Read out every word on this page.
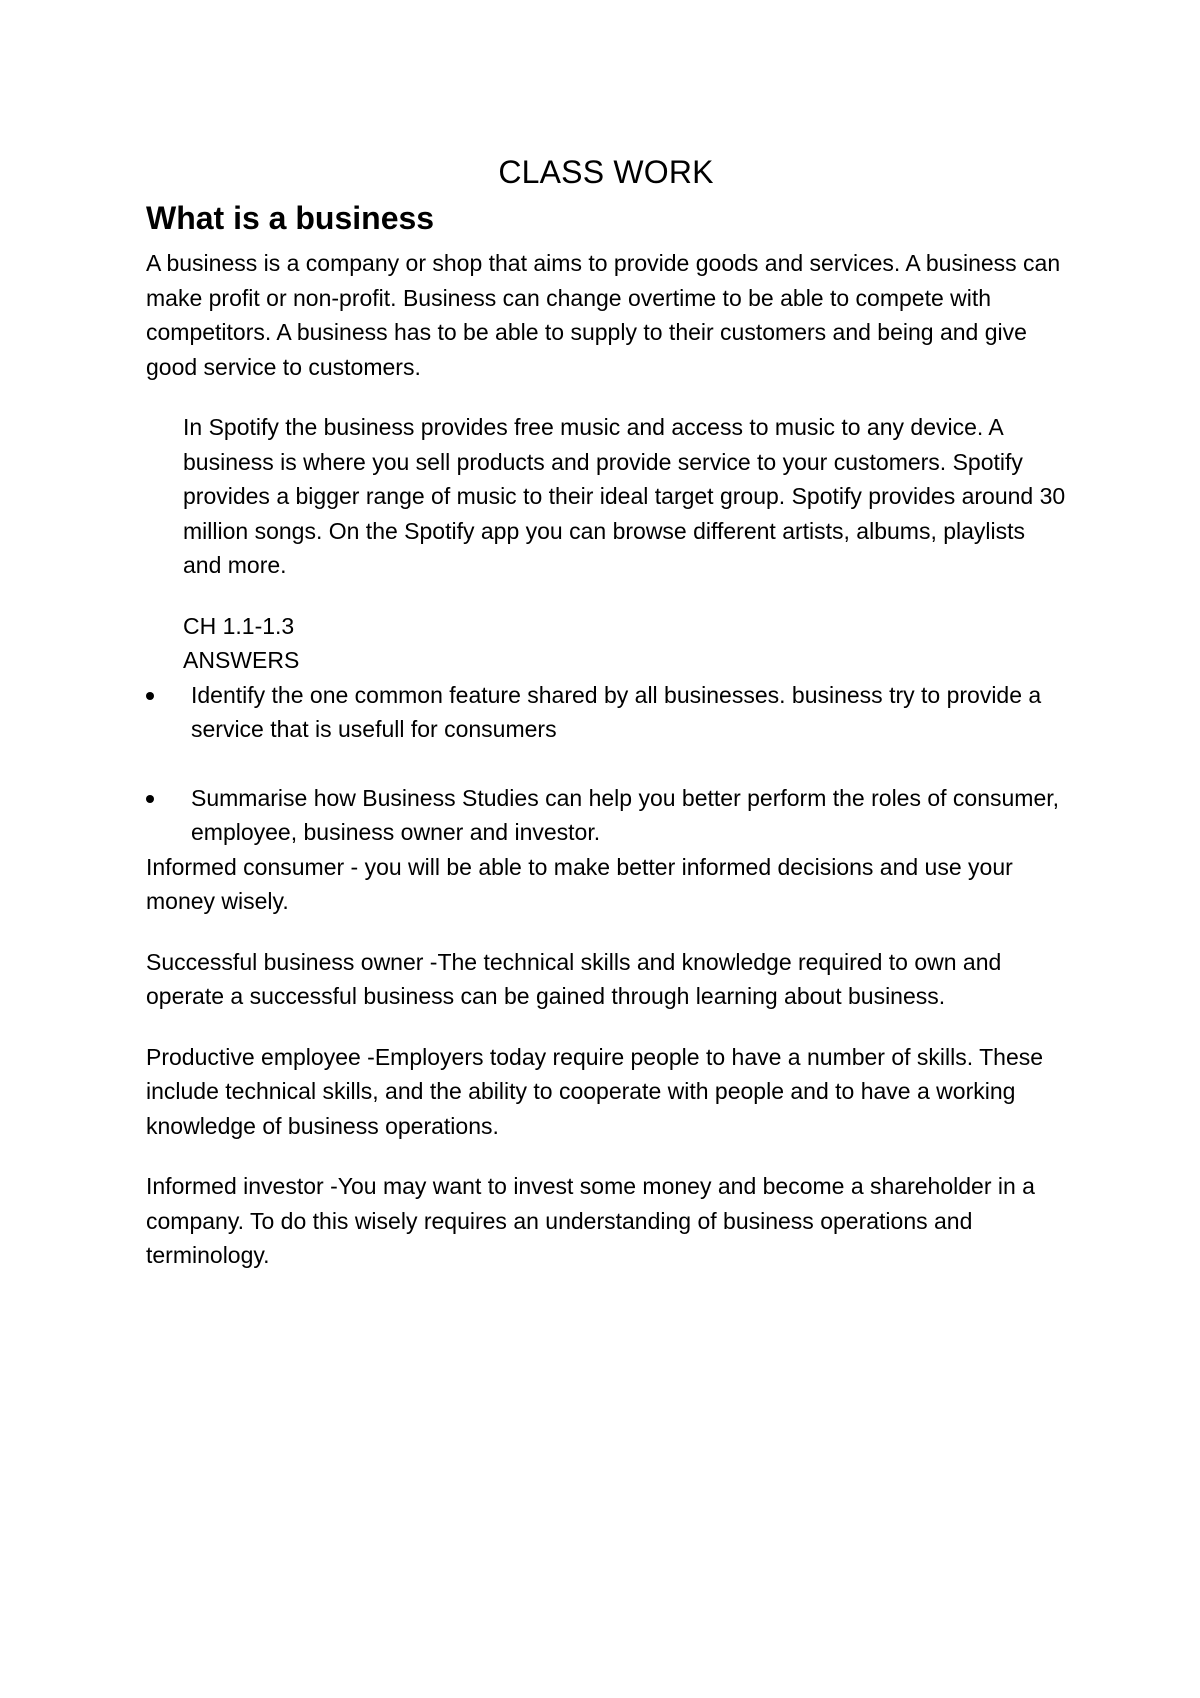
CLASS WORK
What is a business

A business is a company or shop that aims to provide goods and services. A business can make profit or non-profit. Business can change overtime to be able to compete with competitors. A business has to be able to supply to their customers and being and give good service to customers.

In Spotify the business provides free music and access to music to any device. A business is where you sell products and provide service to your customers. Spotify provides a bigger range of music to their ideal target group. Spotify provides around 30 million songs. On the Spotify app you can browse different artists, albums, playlists and more.

CH 1.1-1.3

ANSWERS

Identify the one common feature shared by all businesses. business try to provide a service that is usefull for consumers

Summarise how Business Studies can help you better perform the roles of consumer, employee, business owner and investor.

Informed consumer - you will be able to make better informed decisions and use your money wisely.

Successful business owner -The technical skills and knowledge required to own and operate a successful business can be gained through learning about business.

Productive employee -Employers today require people to have a number of skills. These include technical skills, and the ability to cooperate with people and to have a working knowledge of business operations.

Informed investor -You may want to invest some money and become a shareholder in a company. To do this wisely requires an understanding of business operations and terminology.
